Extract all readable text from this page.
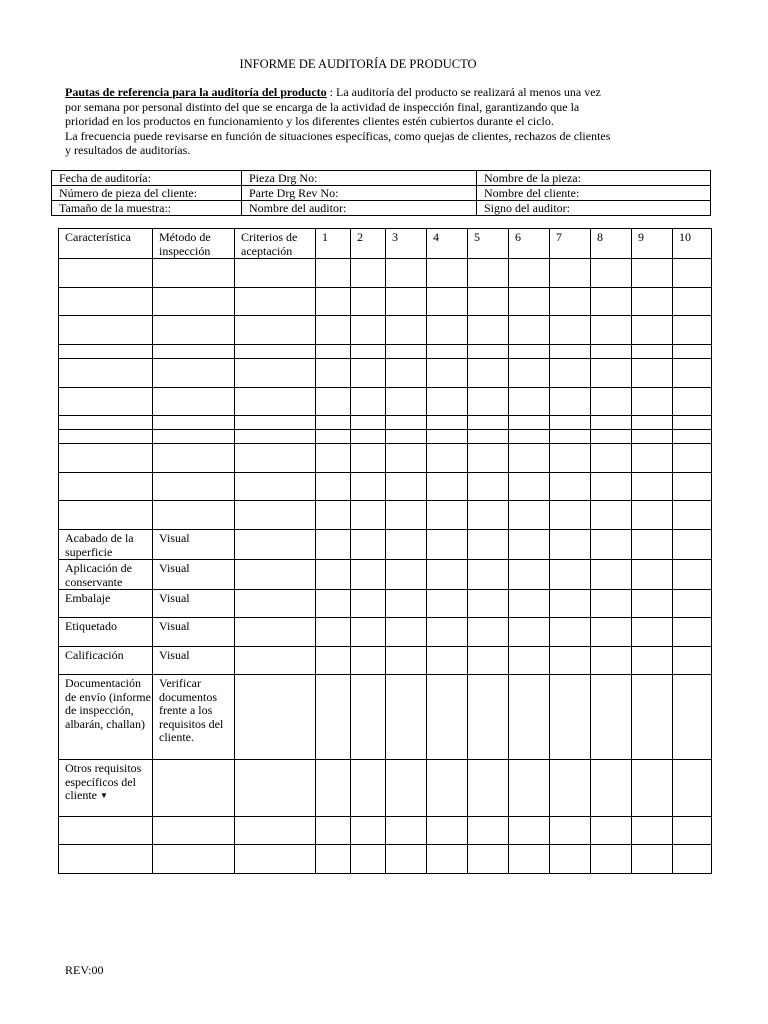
INFORME DE AUDITORÍA DE PRODUCTO
Pautas de referencia para la auditoría del producto : La auditoría del producto se realizará al menos una vez
por semana por personal distinto del que se encarga de la actividad de inspección final, garantizando que la
prioridad en los productos en funcionamiento y los diferentes clientes estén cubiertos durante el ciclo.
La frecuencia puede revisarse en función de situaciones específicas, como quejas de clientes, rechazos de clientes
y resultados de auditorías.
Fecha de auditoría:	Pieza Drg No:	Nombre de la pieza:
Número de pieza del cliente:	Parte Drg Rev No:	Nombre del cliente:
Tamaño de la muestra::	Nombre del auditor:	Signo del auditor:
Característica	Método de inspección	Criterios de aceptación	1	2	3	4	5	6	7	8	9	10

Acabado de la superficie	Visual											
Aplicación de conservante	Visual											
Embalaje	Visual											
Etiquetado	Visual											
Calificación	Visual											
Documentación de envío (informe de inspección, albarán, challan)	Verificar documentos frente a los requisitos del cliente.											
Otros requisitos específicos del cliente ▼												

REV:00
